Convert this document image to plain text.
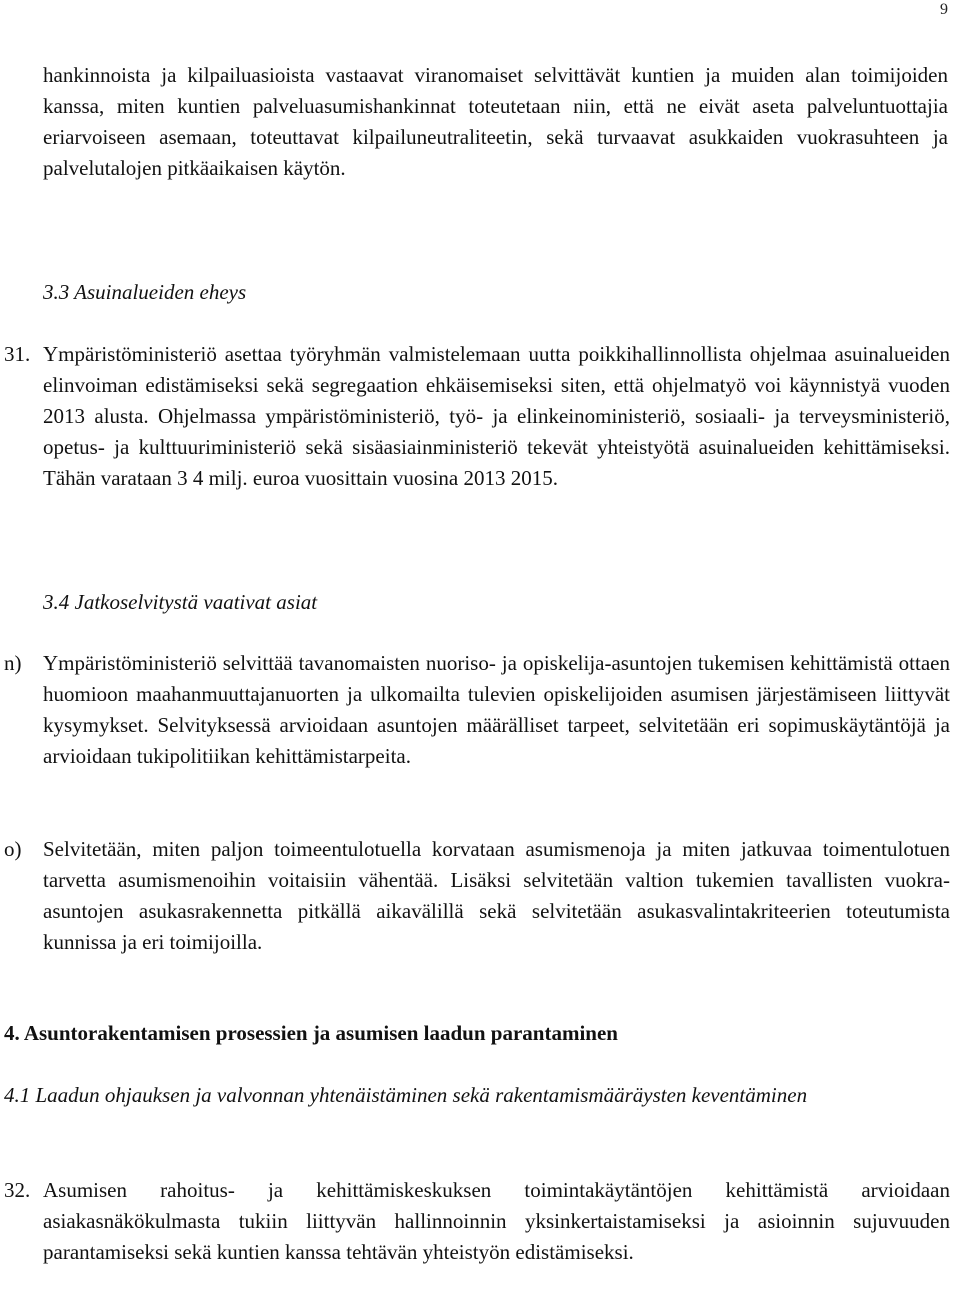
9

hankinnoista ja kilpailuasioista vastaavat viranomaiset selvittävät kuntien ja muiden alan toimijoiden kanssa, miten kuntien palveluasumishankinnat toteutetaan niin, että ne eivät aseta palveluntuottajia eriarvoiseen asemaan, toteuttavat kilpailuneutraliteetin, sekä turvaavat asukkaiden vuokrasuhteen ja palvelutalojen pitkäaikaisen käytön.

3.3 Asuinalueiden eheys
31. Ympäristöministeriö asettaa työryhmän valmistelemaan uutta poikkihallinnollista ohjelmaa asuinalueiden elinvoiman edistämiseksi sekä segregaation ehkäisemiseksi siten, että ohjelmatyö voi käynnistyä vuoden 2013 alusta. Ohjelmassa ympäristöministeriö, työ- ja elinkeinoministeriö, sosiaali- ja terveysministeriö, opetus- ja kulttuuriministeriö sekä sisäasiainministeriö tekevät yhteistyötä asuinalueiden kehittämiseksi. Tähän varataan 3 4 milj. euroa vuosittain vuosina 2013 2015.

3.4 Jatkoselvitystä vaativat asiat
n)	Ympäristöministeriö selvittää tavanomaisten nuoriso- ja opiskelija-asuntojen tukemisen kehittämistä ottaen huomioon maahanmuuttajanuorten ja ulkomailta tulevien opiskelijoiden asumisen järjestämiseen liittyvät kysymykset. Selvityksessä arvioidaan asuntojen määrälliset tarpeet, selvitetään eri sopimuskäytäntöjä ja arvioidaan tukipolitiikan kehittämistarpeita.

o)	Selvitetään, miten paljon toimeentulotuella korvataan asumismenoja ja miten jatkuvaa toimentulotuen tarvetta asumismenoihin voitaisiin vähentää. Lisäksi selvitetään valtion tukemien tavallisten vuokra-asuntojen asukasrakennetta pitkällä aikavälillä sekä selvitetään asukasvalintakriteerien toteutumista kunnissa ja eri toimijoilla.

4. Asuntorakentamisen prosessien ja asumisen laadun parantaminen

4.1 Laadun ohjauksen ja valvonnan yhtenäistäminen sekä rakentamismääräysten keventäminen

32. Asumisen rahoitus- ja kehittämiskeskuksen toimintakäytäntöjen kehittämistä arvioidaan asiakasnäkökulmasta tukiin liittyvän hallinnoinnin yksinkertaistamiseksi ja asioinnin sujuvuuden parantamiseksi sekä kuntien kanssa tehtävän yhteistyön edistämiseksi.
